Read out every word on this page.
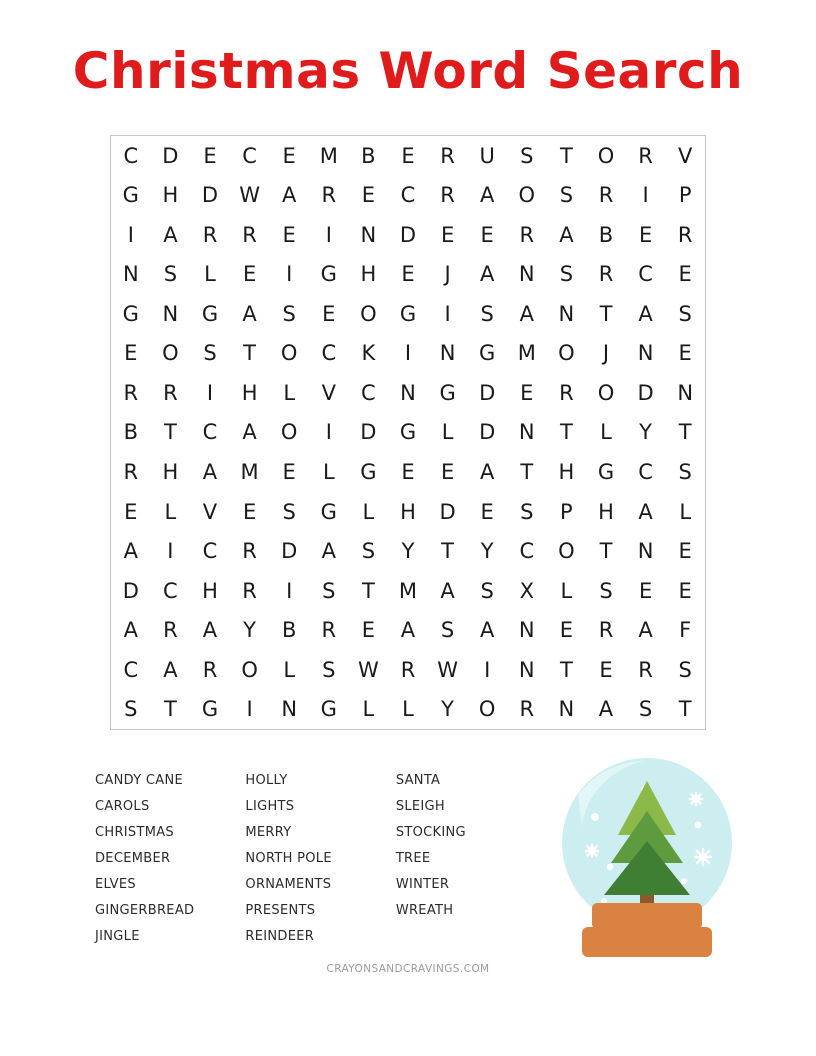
Christmas Word Search
C	D	E	C	E	M	B	E	R	U	S	T	O	R	V
G	H	D	W	A	R	E	C	R	A	O	S	R	I	P
I	A	R	R	E	I	N	D	E	E	R	A	B	E	R
N	S	L	E	I	G	H	E	J	A	N	S	R	C	E
G	N	G	A	S	E	O	G	I	S	A	N	T	A	S
E	O	S	T	O	C	K	I	N	G	M	O	J	N	E
R	R	I	H	L	V	C	N	G	D	E	R	O	D	N
B	T	C	A	O	I	D	G	L	D	N	T	L	Y	T
R	H	A	M	E	L	G	E	E	A	T	H	G	C	S
E	L	V	E	S	G	L	H	D	E	S	P	H	A	L
A	I	C	R	D	A	S	Y	T	Y	C	O	T	N	E
D	C	H	R	I	S	T	M	A	S	X	L	S	E	E
A	R	A	Y	B	R	E	A	S	A	N	E	R	A	F
C	A	R	O	L	S	W	R	W	I	N	T	E	R	S
S	T	G	I	N	G	L	L	Y	O	R	N	A	S	T
CANDY CANE
CAROLS
CHRISTMAS
DECEMBER
ELVES
GINGERBREAD
JINGLE
HOLLY
LIGHTS
MERRY
NORTH POLE
ORNAMENTS
PRESENTS
REINDEER
SANTA
SLEIGH
STOCKING
TREE
WINTER
WREATH
CRAYONSANDCRAVINGS.COM
